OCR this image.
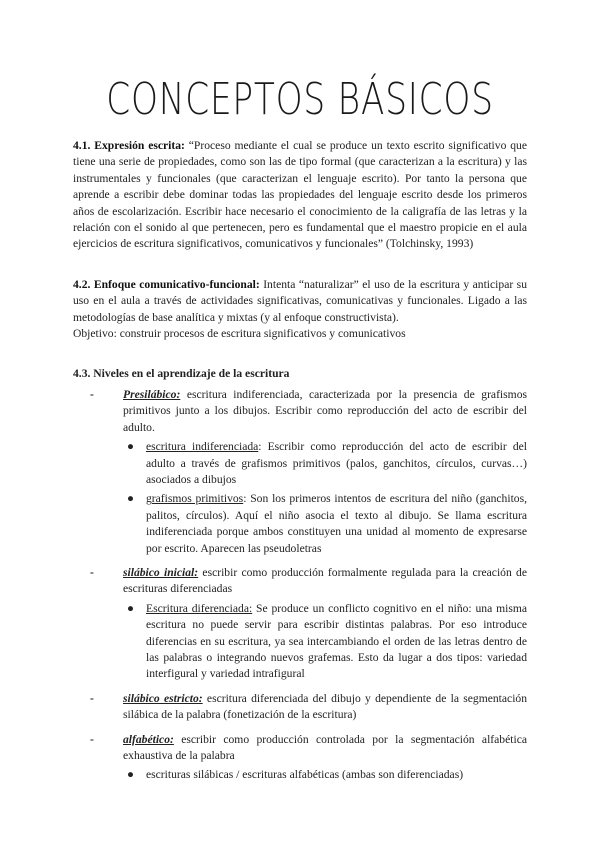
CONCEPTOS BÁSICOS

4.1. Expresión escrita: “Proceso mediante el cual se produce un texto escrito significativo que tiene una serie de propiedades, como son las de tipo formal (que caracterizan a la escritura) y las instrumentales y funcionales (que caracterizan el lenguaje escrito). Por tanto la persona que aprende a escribir debe dominar todas las propiedades del lenguaje escrito desde los primeros años de escolarización. Escribir hace necesario el conocimiento de la caligrafía de las letras y la relación con el sonido al que pertenecen, pero es fundamental que el maestro propicie en el aula ejercicios de escritura significativos, comunicativos y funcionales” (Tolchinsky, 1993)

4.2. Enfoque comunicativo-funcional: Intenta “naturalizar” el uso de la escritura y anticipar su uso en el aula a través de actividades significativas, comunicativas y funcionales. Ligado a las metodologías de base analítica y mixtas (y al enfoque constructivista).

Objetivo: construir procesos de escritura significativos y comunicativos

4.3. Niveles en el aprendizaje de la escritura
-	Presilábico: escritura indiferenciada, caracterizada por la presencia de grafismos primitivos junto a los dibujos. Escribir como reproducción del acto de escribir del adulto.
● escritura indiferenciada: Escribir como reproducción del acto de escribir del adulto a través de grafismos primitivos (palos, ganchitos, círculos, curvas…) asociados a dibujos
● grafismos primitivos: Son los primeros intentos de escritura del niño (ganchitos, palitos, círculos). Aquí el niño asocia el texto al dibujo. Se llama escritura indiferenciada porque ambos constituyen una unidad al momento de expresarse por escrito. Aparecen las pseudoletras
-	silábico inicial: escribir como producción formalmente regulada para la creación de escrituras diferenciadas
● Escritura diferenciada: Se produce un conflicto cognitivo en el niño: una misma escritura no puede servir para escribir distintas palabras. Por eso introduce diferencias en su escritura, ya sea intercambiando el orden de las letras dentro de las palabras o integrando nuevos grafemas. Esto da lugar a dos tipos: variedad interfigural y variedad intrafigural
-	silábico estricto: escritura diferenciada del dibujo y dependiente de la segmentación silábica de la palabra (fonetización de la escritura)
-	alfabético: escribir como producción controlada por la segmentación alfabética exhaustiva de la palabra
● escrituras silábicas / escrituras alfabéticas (ambas son diferenciadas)
